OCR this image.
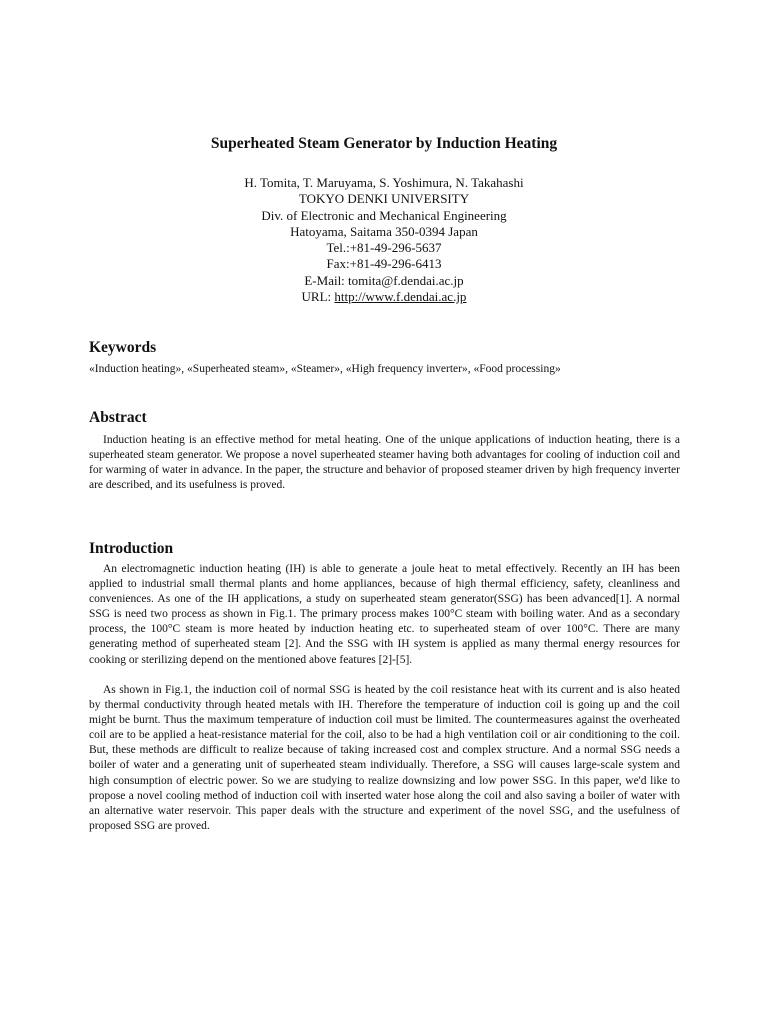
Superheated Steam Generator by Induction Heating
H. Tomita, T. Maruyama, S. Yoshimura, N. Takahashi
TOKYO DENKI UNIVERSITY
Div. of Electronic and Mechanical Engineering
Hatoyama, Saitama 350-0394 Japan
Tel.:+81-49-296-5637
Fax:+81-49-296-6413
E-Mail: tomita@f.dendai.ac.jp
URL: http://www.f.dendai.ac.jp
Keywords
«Induction heating», «Superheated steam», «Steamer», «High frequency inverter», «Food processing»
Abstract
Induction heating is an effective method for metal heating. One of the unique applications of induction heating, there is a superheated steam generator. We propose a novel superheated steamer having both advantages for cooling of induction coil and for warming of water in advance. In the paper, the structure and behavior of proposed steamer driven by high frequency inverter are described, and its usefulness is proved.
Introduction
An electromagnetic induction heating (IH) is able to generate a joule heat to metal effectively. Recently an IH has been applied to industrial small thermal plants and home appliances, because of high thermal efficiency, safety, cleanliness and conveniences. As one of the IH applications, a study on superheated steam generator(SSG) has been advanced[1]. A normal SSG is need two process as shown in Fig.1. The primary process makes 100°C steam with boiling water. And as a secondary process, the 100°C steam is more heated by induction heating etc. to superheated steam of over 100°C. There are many generating method of superheated steam [2]. And the SSG with IH system is applied as many thermal energy resources for cooking or sterilizing depend on the mentioned above features [2]-[5].
As shown in Fig.1, the induction coil of normal SSG is heated by the coil resistance heat with its current and is also heated by thermal conductivity through heated metals with IH. Therefore the temperature of induction coil is going up and the coil might be burnt. Thus the maximum temperature of induction coil must be limited. The countermeasures against the overheated coil are to be applied a heat-resistance material for the coil, also to be had a high ventilation coil or air conditioning to the coil. But, these methods are difficult to realize because of taking increased cost and complex structure. And a normal SSG needs a boiler of water and a generating unit of superheated steam individually. Therefore, a SSG will causes large-scale system and high consumption of electric power. So we are studying to realize downsizing and low power SSG. In this paper, we'd like to propose a novel cooling method of induction coil with inserted water hose along the coil and also saving a boiler of water with an alternative water reservoir. This paper deals with the structure and experiment of the novel SSG, and the usefulness of proposed SSG are proved.
